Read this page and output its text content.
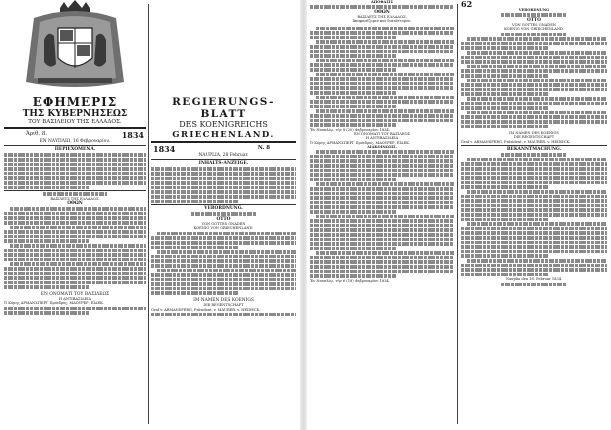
ΕΦΗΜΕΡΙΣ
ΤΗΣ ΚΥΒΕΡΝΗΣΕΩΣ
ΤΟΥ ΒΑΣΙΛΕΙΟΥ ΤΗΣ ΕΛΛΑΔΟΣ.
Ἀριθ. 8.	1834
ΕΝ ΝΑΥΠΛΙΩ, 16 Φεβρουαρίου.
ΠΕΡΙΕΧΟΜΕΝΑ.
ΒΑΣΙΛΕΥΣ ΤΗΣ ΕΛΛΑΔΟΣ.
ΟΘΩΝ
ΕΝ ΟΝΟΜΑΤΙ ΤΟΥ ΒΑΣΙΛΕΩΣ
Η ΑΝΤΙΒΑΣΙΛΕΙΑ
Ὁ Κόμης ΑΡΜΑΝΣΠΕΡΓ Πρόεδρος, ΜΑΟΥΡΕΡ, ΕΪΔΕΚ.
REGIERUNGS-BLATT
DES KOENIGREICHS
GRIECHENLAND.
1834	N. 8
NAUPLIA, 28 Februar.
INHALTS-ANZEIGE.
VERORDNUNG.
OTTO
VON GOTTES GNADEN
KOENIG VON GRIECHENLAND.
IM NAMEN DES KOENIGS
DIE REGENTSCHAFT
Graf v. ARMANSPERG, Präsident, v. MAURER. v. HEIDECK.
ΑΠΟΦΑΣΙΣ
ΟΘΩΝ
ΒΑΣΙΛΕΥΣ ΤΗΣ ΕΛΛΑΔΟΣ.
Ἀποφασίζομεν καὶ διατάττομεν.
Ἐν Ναυπλίῳ, τὴν 8 (20) Φεβρουαρίου 1834.
ΕΝ ΟΝΟΜΑΤΙ ΤΟΥ ΒΑΣΙΛΕΩΣ
Η ΑΝΤΙΒΑΣΙΛΕΙΑ
Ὁ Κόμης ΑΡΜΑΝΣΠΕΡΓ Πρόεδρος, ΜΑΟΥΡΕΡ, ΕΪΔΕΚ.
ΔΙΑΚΟΙΝΩΣΙΣ.
Ἐν Ναυπλίῳ, τὴν 6 (18) Φεβρουαρίου 1834.
62
VERORDNUNG
OTTO
VON GOTTES GNADEN
KOENIG VON GRIECHENLAND.
IM NAMEN DES KOENIGS
DIE REGENTSCHAFT
Graf v. ARMANSPERG, Präsident, v. MAURER. v. HEIDECK.
BEKANNTMACHUNG.
Nauplia den 18. Februar 1834.
